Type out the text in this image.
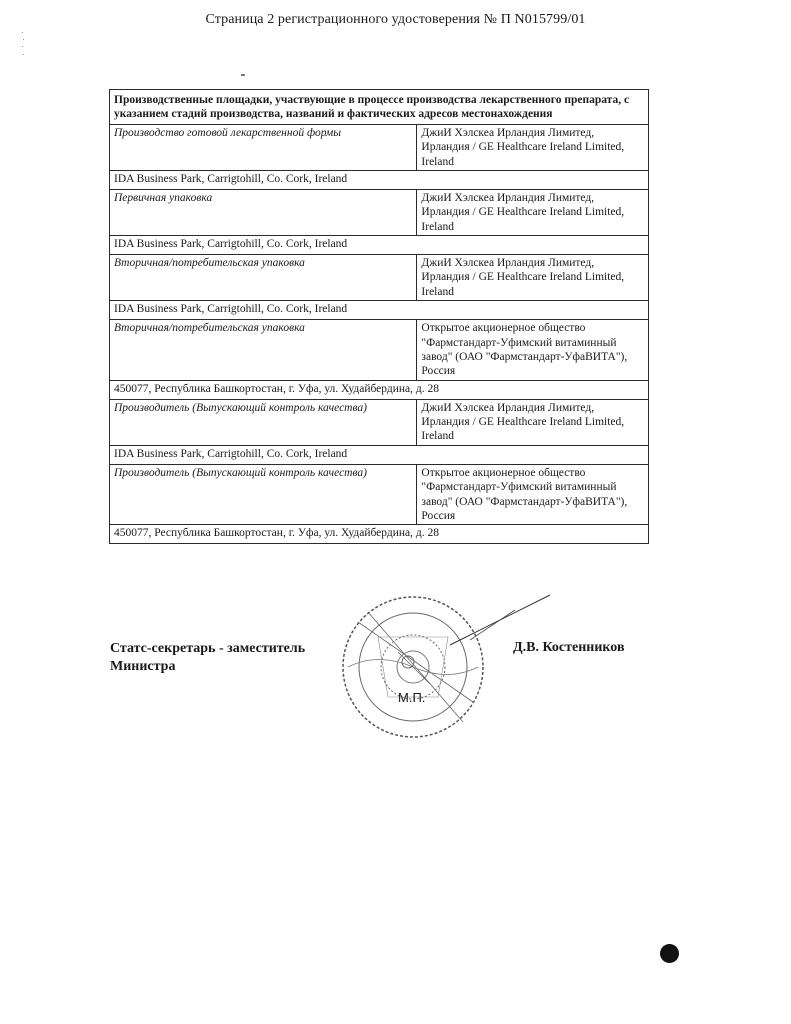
Страница 2 регистрационного удостоверения № П N015799/01
Производственные площадки, участвующие в процессе производства лекарственного препарата, с указанием стадий производства, названий и фактических адресов местонахождения	
Производство готовой лекарственной формы	ДжиИ Хэлскеа Ирландия Лимитед, Ирландия / GE Healthcare Ireland Limited, Ireland
IDA Business Park, Carrigtohill, Co. Cork, Ireland	
Первичная упаковка	ДжиИ Хэлскеа Ирландия Лимитед, Ирландия / GE Healthcare Ireland Limited, Ireland
IDA Business Park, Carrigtohill, Co. Cork, Ireland	
Вторичная/потребительская упаковка	ДжиИ Хэлскеа Ирландия Лимитед, Ирландия / GE Healthcare Ireland Limited, Ireland
IDA Business Park, Carrigtohill, Co. Cork, Ireland	
Вторичная/потребительская упаковка	Открытое акционерное общество "Фармстандарт-Уфимский витаминный завод" (ОАО "Фармстандарт-УфаВИТА"), Россия
450077, Республика Башкортостан, г. Уфа, ул. Худайбердина, д. 28	
Производитель (Выпускающий контроль качества)	ДжиИ Хэлскеа Ирландия Лимитед, Ирландия / GE Healthcare Ireland Limited, Ireland
IDA Business Park, Carrigtohill, Co. Cork, Ireland	
Производитель (Выпускающий контроль качества)	Открытое акционерное общество "Фармстандарт-Уфимский витаминный завод" (ОАО "Фармстандарт-УфаВИТА"), Россия
450077, Республика Башкортостан, г. Уфа, ул. Худайбердина, д. 28	
Статс-секретарь - заместитель
Министра
М.П.
Д.В. Костенников
